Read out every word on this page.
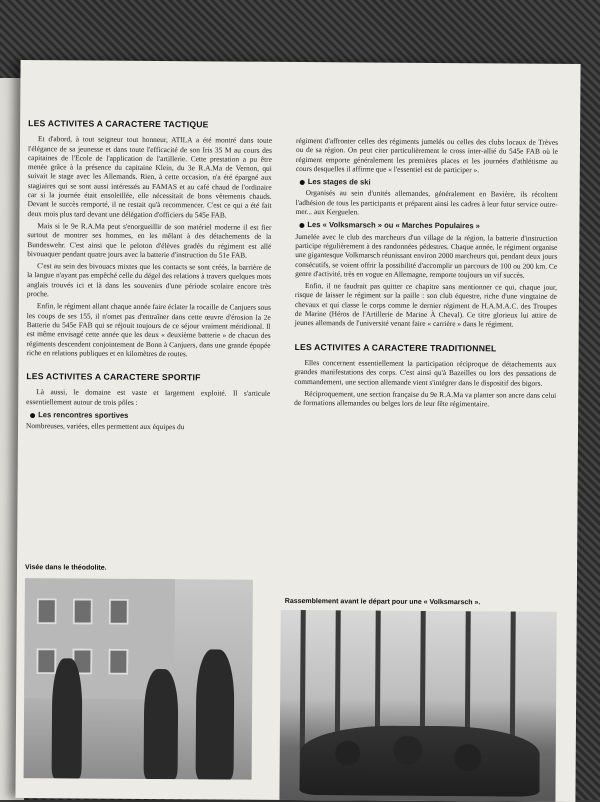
LES ACTIVITES A CARACTERE TACTIQUE

Et d'abord, à tout seigneur tout honneur, ATILA a été montré dans toute l'élégance de sa jeunesse et dans toute l'efficacité de son Iris 35 M au cours des capitaines de l'Ecole de l'application de l'artillerie. Cette prestation a pu être menée grâce à la présence du capitaine Klein, du 3e R.A.Ma de Vernon, qui suivait le stage avec les Allemands. Rien, à cette occasion, n'a été épargné aux stagiaires qui se sont aussi intéressés au FAMAS et au café chaud de l'ordinaire car si la journée était ensoleillée, elle nécessitait de bons vêtements chauds. Devant le succès remporté, il ne restait qu'à recommencer. C'est ce qui a été fait deux mois plus tard devant une délégation d'officiers du 545e FAB.

Mais si le 9e R.A.Ma peut s'enorgueillir de son matériel moderne il est fier surtout de montrer ses hommes, en les mêlant à des détachements de la Bundeswehr. C'est ainsi que le peloton d'élèves gradés du régiment est allé bivouaquer pendant quatre jours avec la batterie d'instruction du 51e FAB.

C'est au sein des bivouacs mixtes que les contacts se sont créés, la barrière de la langue n'ayant pas empêché celle du dégel des relations à travers quelques mots anglais trouvés ici et là dans les souvenirs d'une période scolaire encore très proche.

Enfin, le régiment allant chaque année faire éclater la rocaille de Canjuers sous les coups de ses 155, il n'omet pas d'entraîner dans cette œuvre d'érosion la 2e Batterie du 545e FAB qui se réjouit toujours de ce séjour vraiment méridional. Il est même envisagé cette année que les deux « deuxième batterie » de chacun des régiments descendent conjointement de Bonn à Canjuers, dans une grande épopée riche en relations publiques et en kilomètres de routes.

LES ACTIVITES A CARACTERE SPORTIF

Là aussi, le domaine est vaste et largement exploité. Il s'articule essentiellement autour de trois pôles :

Les rencontres sportives

Nombreuses, variées, elles permettent aux équipes du

régiment d'affronter celles des régiments jumelés ou celles des clubs locaux de Trèves ou de sa région. On peut citer particulièrement le cross inter-allié du 545e FAB où le régiment emporte généralement les premières places et les journées d'athlétisme au cours desquelles il affirme que « l'essentiel est de participer ».

Les stages de ski

Organisés au sein d'unités allemandes, généralement en Bavière, ils récoltent l'adhésion de tous les participants et préparent ainsi les cadres à leur futur service outre-mer... aux Kerguelen.

Les « Volksmarsch » ou « Marches Populaires »

Jumelée avec le club des marcheurs d'un village de la région, la batterie d'instruction participe régulièrement à des randonnées pédestres. Chaque année, le régiment organise une gigantesque Volkmarsch réunissant environ 2000 marcheurs qui, pendant deux jours consécutifs, se voient offrir la possibilité d'accomplir un parcours de 100 ou 200 km. Ce genre d'activité, très en vogue en Allemagne, remporte toujours un vif succès.

Enfin, il ne faudrait pas quitter ce chapitre sans mentionner ce qui, chaque jour, risque de laisser le régiment sur la paille : son club équestre, riche d'une vingtaine de chevaux et qui classe le corps comme le dernier régiment de H.A.M.A.C. des Troupes de Marine (Héros de l'Artillerie de Marine À Cheval). Ce titre glorieux lui attire de jeunes allemands de l'université venant faire « carrière » dans le régiment.

LES ACTIVITES A CARACTERE TRADITIONNEL

Elles concernent essentiellement la participation réciproque de détachements aux grandes manifestations des corps. C'est ainsi qu'à Bazeilles ou lors des passations de commandement, une section allemande vient s'intégrer dans le dispositif des bigors.

Réciproquement, une section française du 9e R.A.Ma va planter son ancre dans celui de formations allemandes ou belges lors de leur fête régimentaire.

Visée dans le théodolite.
Rassemblement avant le départ pour une « Volksmarsch ».
